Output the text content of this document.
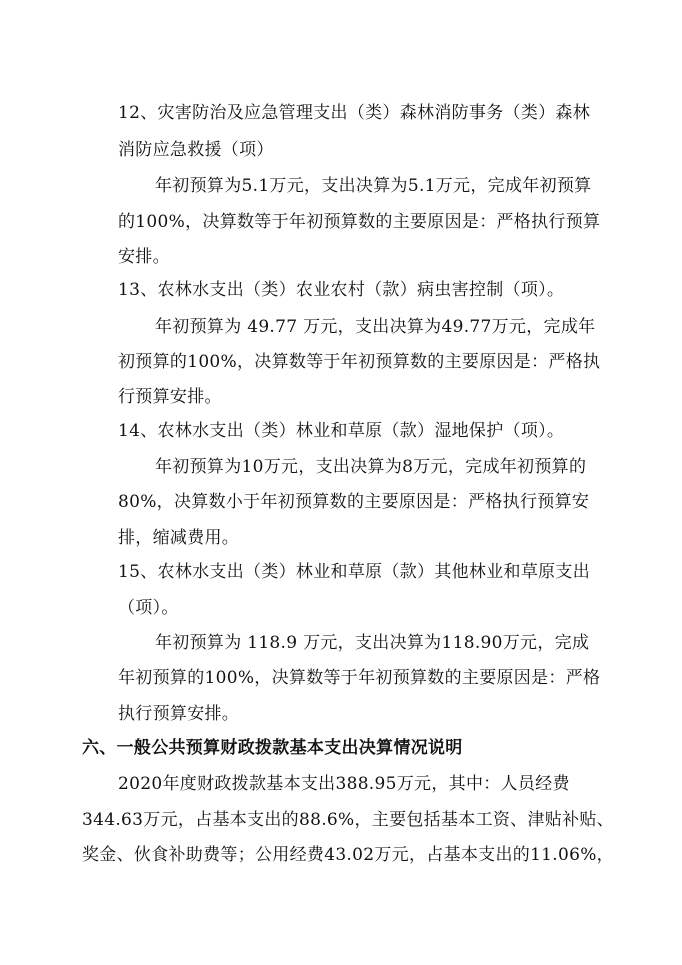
12、灾害防治及应急管理支出（类）森林消防事务（类）森林
消防应急救援（项）
年初预算为5.1万元，支出决算为5.1万元，完成年初预算
的100%，决算数等于年初预算数的主要原因是：严格执行预算
安排。
13、农林水支出（类）农业农村（款）病虫害控制（项）。
年初预算为 49.77 万元，支出决算为49.77万元，完成年
初预算的100%，决算数等于年初预算数的主要原因是：严格执
行预算安排。
14、农林水支出（类）林业和草原（款）湿地保护（项）。
年初预算为10万元，支出决算为8万元，完成年初预算的
80%，决算数小于年初预算数的主要原因是：严格执行预算安
排，缩减费用。
15、农林水支出（类）林业和草原（款）其他林业和草原支出
（项）。
年初预算为 118.9 万元，支出决算为118.90万元，完成
年初预算的100%，决算数等于年初预算数的主要原因是：严格
执行预算安排。
六、一般公共预算财政拨款基本支出决算情况说明
2020年度财政拨款基本支出388.95万元，其中：人员经费
344.63万元，占基本支出的88.6%，主要包括基本工资、津贴补贴、
奖金、伙食补助费等；公用经费43.02万元，占基本支出的11.06%，
